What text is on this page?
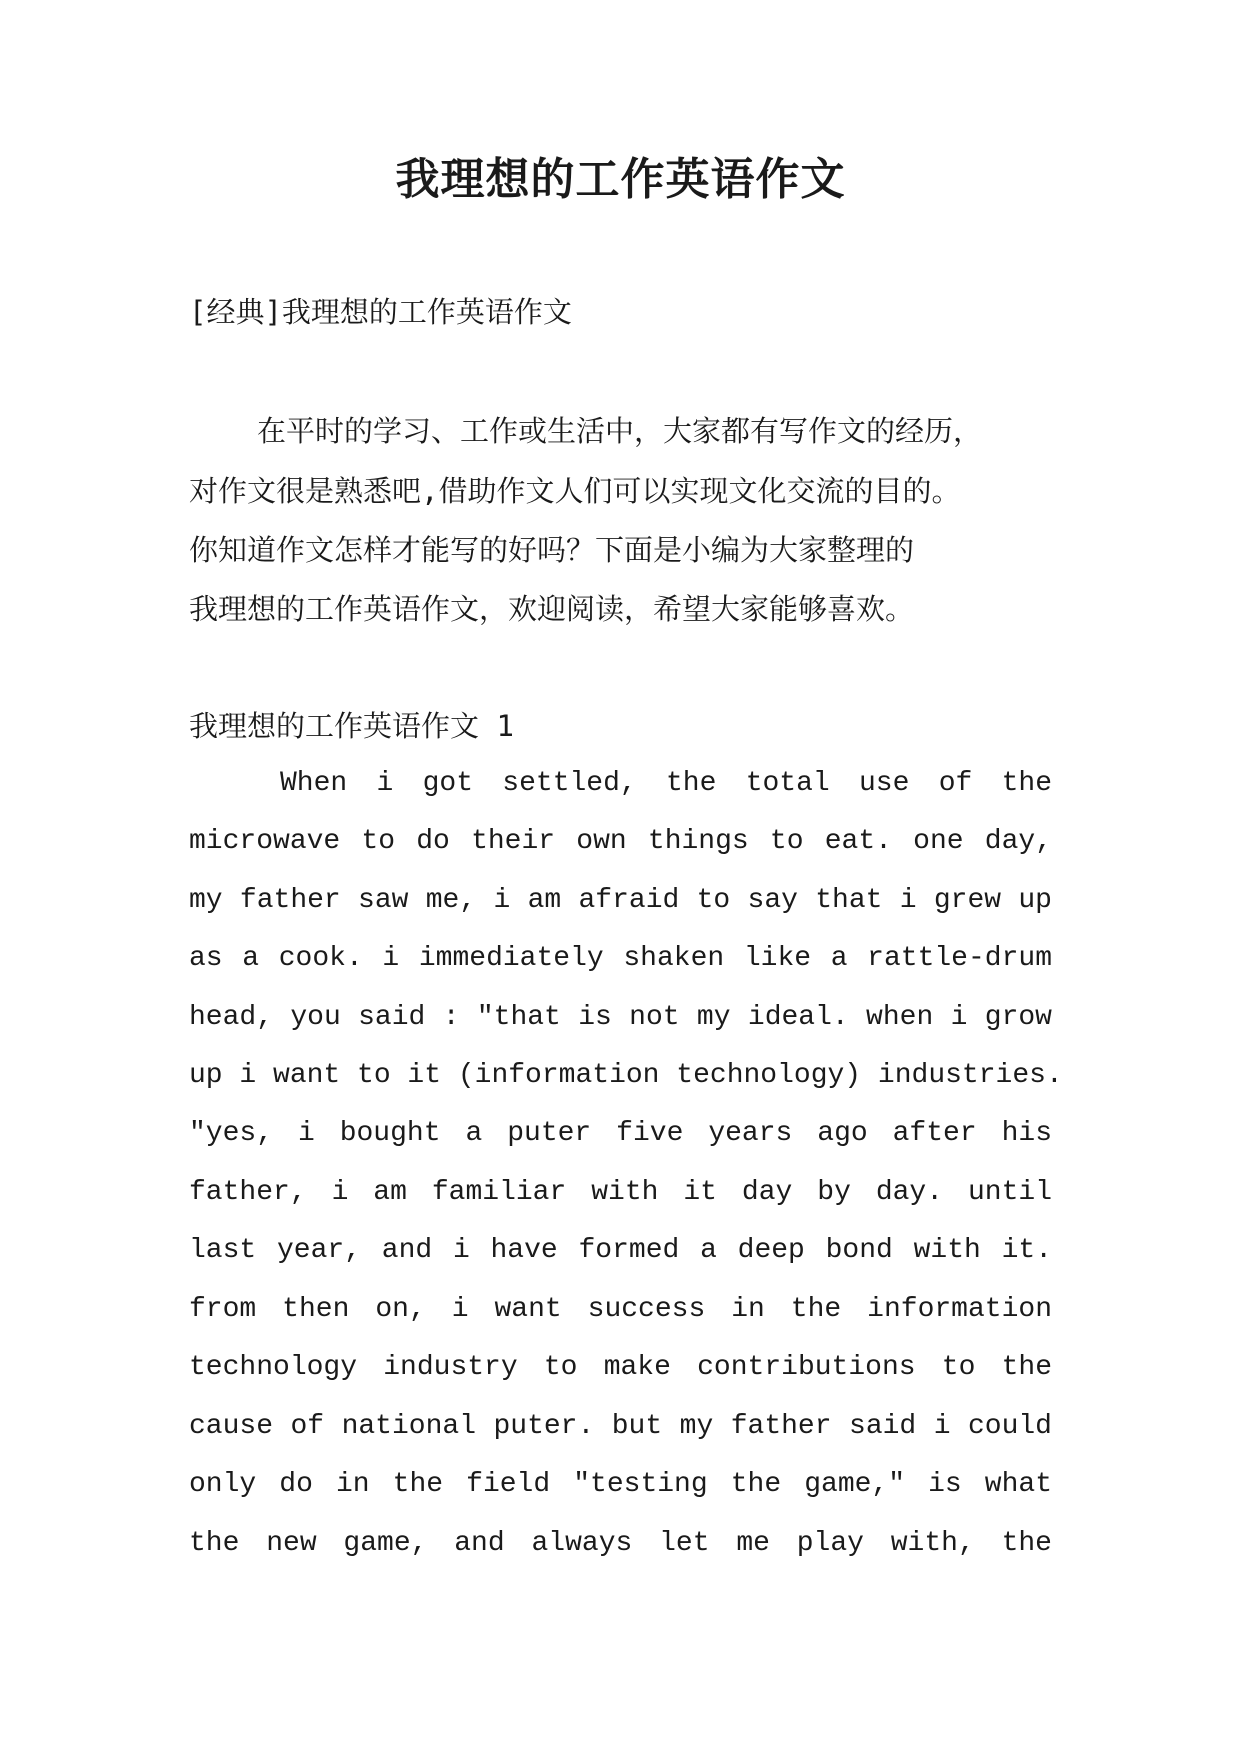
我理想的工作英语作文

[经典]我理想的工作英语作文

在平时的学习、工作或生活中，大家都有写作文的经历，

对作文很是熟悉吧,借助作文人们可以实现文化交流的目的。

你知道作文怎样才能写的好吗？下面是小编为大家整理的

我理想的工作英语作文，欢迎阅读，希望大家能够喜欢。

我理想的工作英语作文 1

When i got settled, the total use of the

microwave to do their own things to eat. one day,

my father saw me, i am afraid to say that i grew up

as a cook. i immediately shaken like a rattle-drum

head, you said : "that is not my ideal. when i grow

up i want to it (information technology) industries.

"yes, i bought a puter five years ago after his

father, i am familiar with it day by day. until

last year, and i have formed a deep bond with it.

from then on, i want success in the information

technology industry to make contributions to the

cause of national puter. but my father said i could

only do in the field "testing the game," is what

the new game, and always let me play with, the
